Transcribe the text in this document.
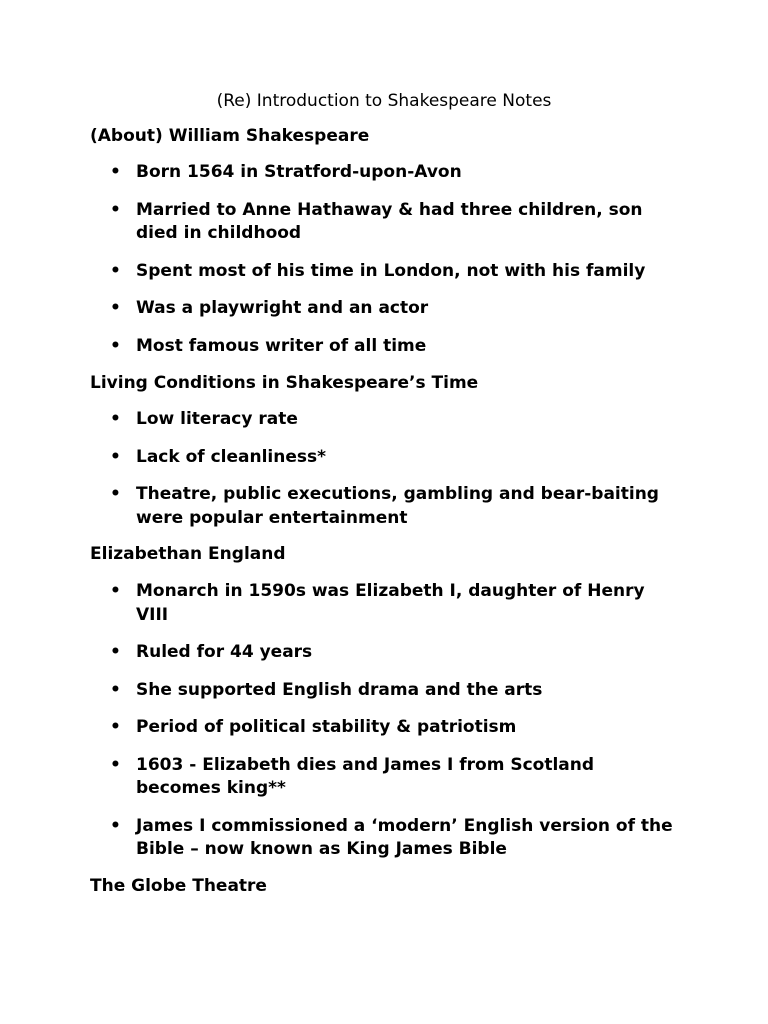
(Re) Introduction to Shakespeare Notes
(About) William Shakespeare
• Born 1564 in Stratford-upon-Avon
• Married to Anne Hathaway & had three children, son died in childhood
• Spent most of his time in London, not with his family
• Was a playwright and an actor
• Most famous writer of all time
Living Conditions in Shakespeare’s Time
• Low literacy rate
• Lack of cleanliness*
• Theatre, public executions, gambling and bear-baiting were popular entertainment
Elizabethan England
• Monarch in 1590s was Elizabeth I, daughter of Henry VIII
• Ruled for 44 years
• She supported English drama and the arts
• Period of political stability & patriotism
• 1603 - Elizabeth dies and James I from Scotland becomes king**
• James I commissioned a ‘modern’ English version of the Bible – now known as King James Bible
The Globe Theatre
